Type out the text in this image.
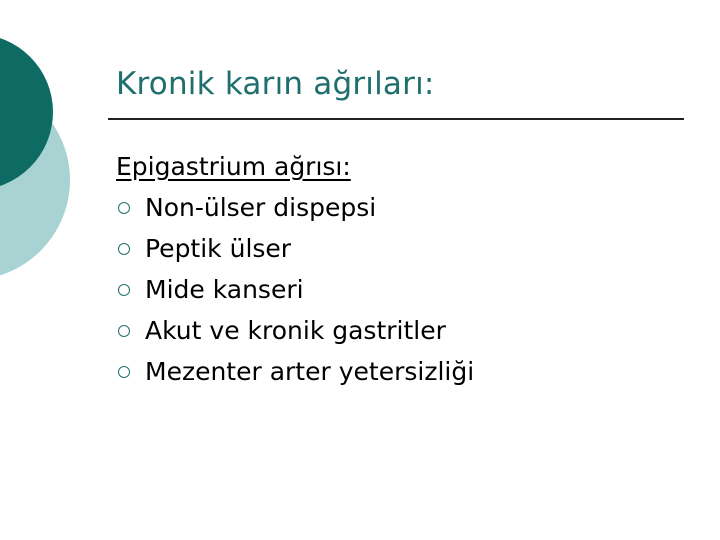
Kronik karın ağrıları:
Epigastrium ağrısı:
Non-ülser dispepsi
Peptik ülser
Mide kanseri
Akut ve kronik gastritler
Mezenter arter yetersizliği
